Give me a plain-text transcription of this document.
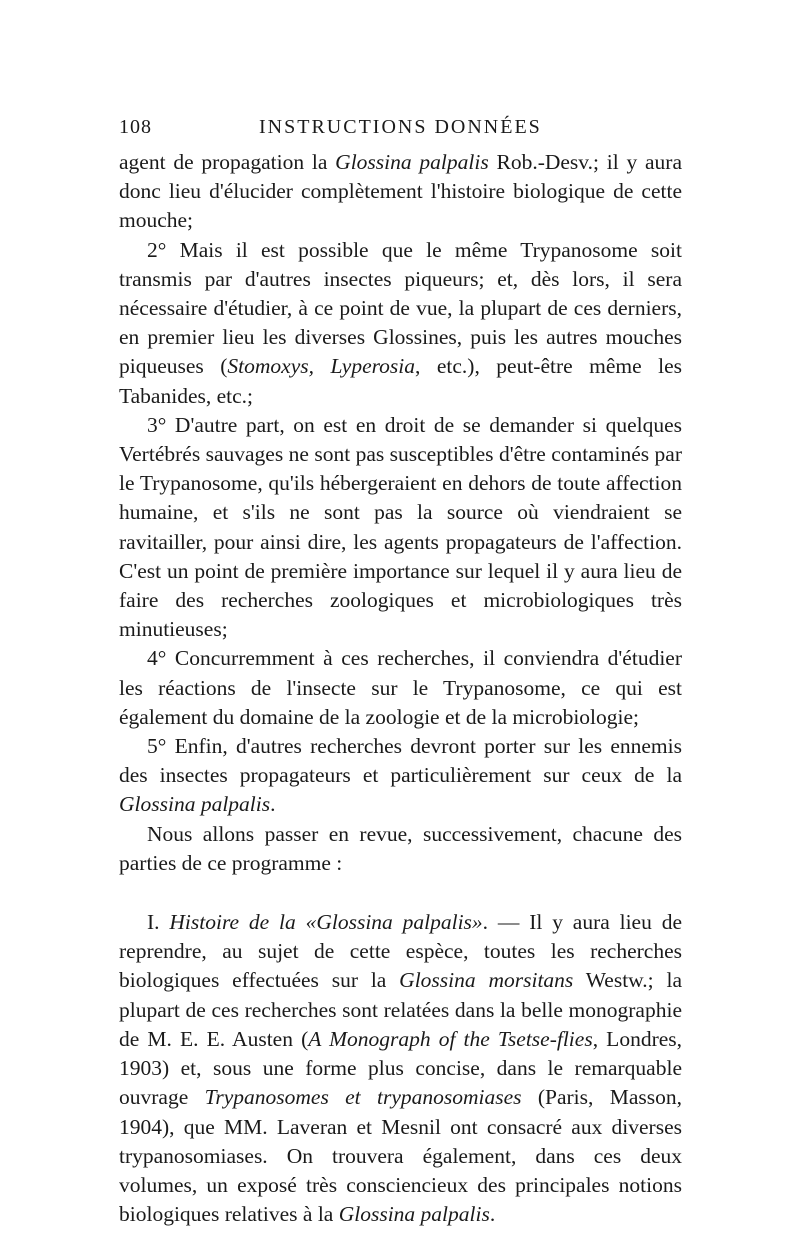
108	INSTRUCTIONS DONNÉES

agent de propagation la Glossina palpalis Rob.-Desv.; il y aura donc lieu d'élucider complètement l'histoire biologique de cette mouche;

2° Mais il est possible que le même Trypanosome soit transmis par d'autres insectes piqueurs; et, dès lors, il sera nécessaire d'étudier, à ce point de vue, la plupart de ces derniers, en premier lieu les diverses Glossines, puis les autres mouches piqueuses (Stomoxys, Lyperosia, etc.), peut-être même les Tabanides, etc.;

3° D'autre part, on est en droit de se demander si quelques Vertébrés sauvages ne sont pas susceptibles d'être contaminés par le Trypanosome, qu'ils hébergeraient en dehors de toute affection humaine, et s'ils ne sont pas la source où viendraient se ravitailler, pour ainsi dire, les agents propagateurs de l'affection. C'est un point de première importance sur lequel il y aura lieu de faire des recherches zoologiques et microbiologiques très minutieuses;

4° Concurremment à ces recherches, il conviendra d'étudier les réactions de l'insecte sur le Trypanosome, ce qui est également du domaine de la zoologie et de la microbiologie;

5° Enfin, d'autres recherches devront porter sur les ennemis des insectes propagateurs et particulièrement sur ceux de la Glossina palpalis.

Nous allons passer en revue, successivement, chacune des parties de ce programme :

I. Histoire de la «Glossina palpalis». — Il y aura lieu de reprendre, au sujet de cette espèce, toutes les recherches biologiques effectuées sur la Glossina morsitans Westw.; la plupart de ces recherches sont relatées dans la belle monographie de M. E. E. Austen (A Monograph of the Tsetse-flies, Londres, 1903) et, sous une forme plus concise, dans le remarquable ouvrage Trypanosomes et trypanosomiases (Paris, Masson, 1904), que MM. Laveran et Mesnil ont consacré aux diverses trypanosomiases. On trouvera également, dans ces deux volumes, un exposé très consciencieux des principales notions biologiques relatives à la Glossina palpalis.
